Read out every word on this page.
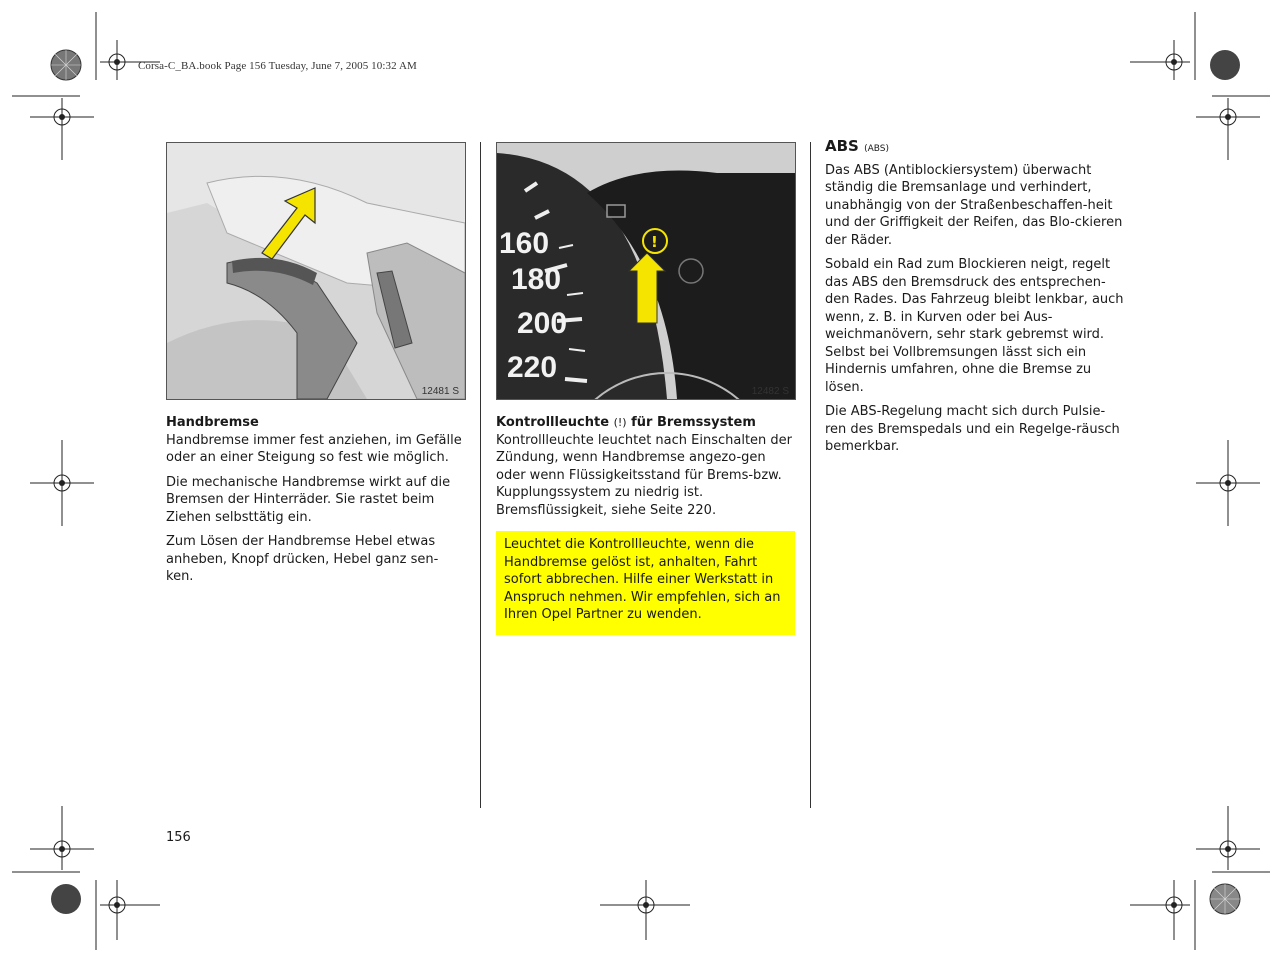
Corsa-C_BA.book Page 156 Tuesday, June 7, 2005 10:32 AM
12481 S
Handbremse

Handbremse immer fest anziehen, im Gefälle oder an einer Steigung so fest wie möglich.

Die mechanische Handbremse wirkt auf die Bremsen der Hinterräder. Sie rastet beim Ziehen selbsttätig ein.

Zum Lösen der Handbremse Hebel etwas anheben, Knopf drücken, Hebel ganz sen-ken.

160
180
200
220
!
12482 S
Kontrollleuchte (!) für Bremssystem

Kontrollleuchte leuchtet nach Einschalten der Zündung, wenn Handbremse angezo-gen oder wenn Flüssigkeitsstand für Brems-bzw. Kupplungssystem zu niedrig ist. Bremsflüssigkeit, siehe Seite 220.

Leuchtet die Kontrollleuchte, wenn die Handbremse gelöst ist, anhalten, Fahrt sofort abbrechen. Hilfe einer Werkstatt in Anspruch nehmen. Wir empfehlen, sich an Ihren Opel Partner zu wenden.
ABS (ABS)

Das ABS (Antiblockiersystem) überwacht ständig die Bremsanlage und verhindert, unabhängig von der Straßenbeschaffen-heit und der Griffigkeit der Reifen, das Blo-ckieren der Räder.

Sobald ein Rad zum Blockieren neigt, regelt das ABS den Bremsdruck des entsprechen-den Rades. Das Fahrzeug bleibt lenkbar, auch wenn, z. B. in Kurven oder bei Aus-weichmanövern, sehr stark gebremst wird. Selbst bei Vollbremsungen lässt sich ein Hindernis umfahren, ohne die Bremse zu lösen.

Die ABS-Regelung macht sich durch Pulsie-ren des Bremspedals und ein Regelge-räusch bemerkbar.

156
